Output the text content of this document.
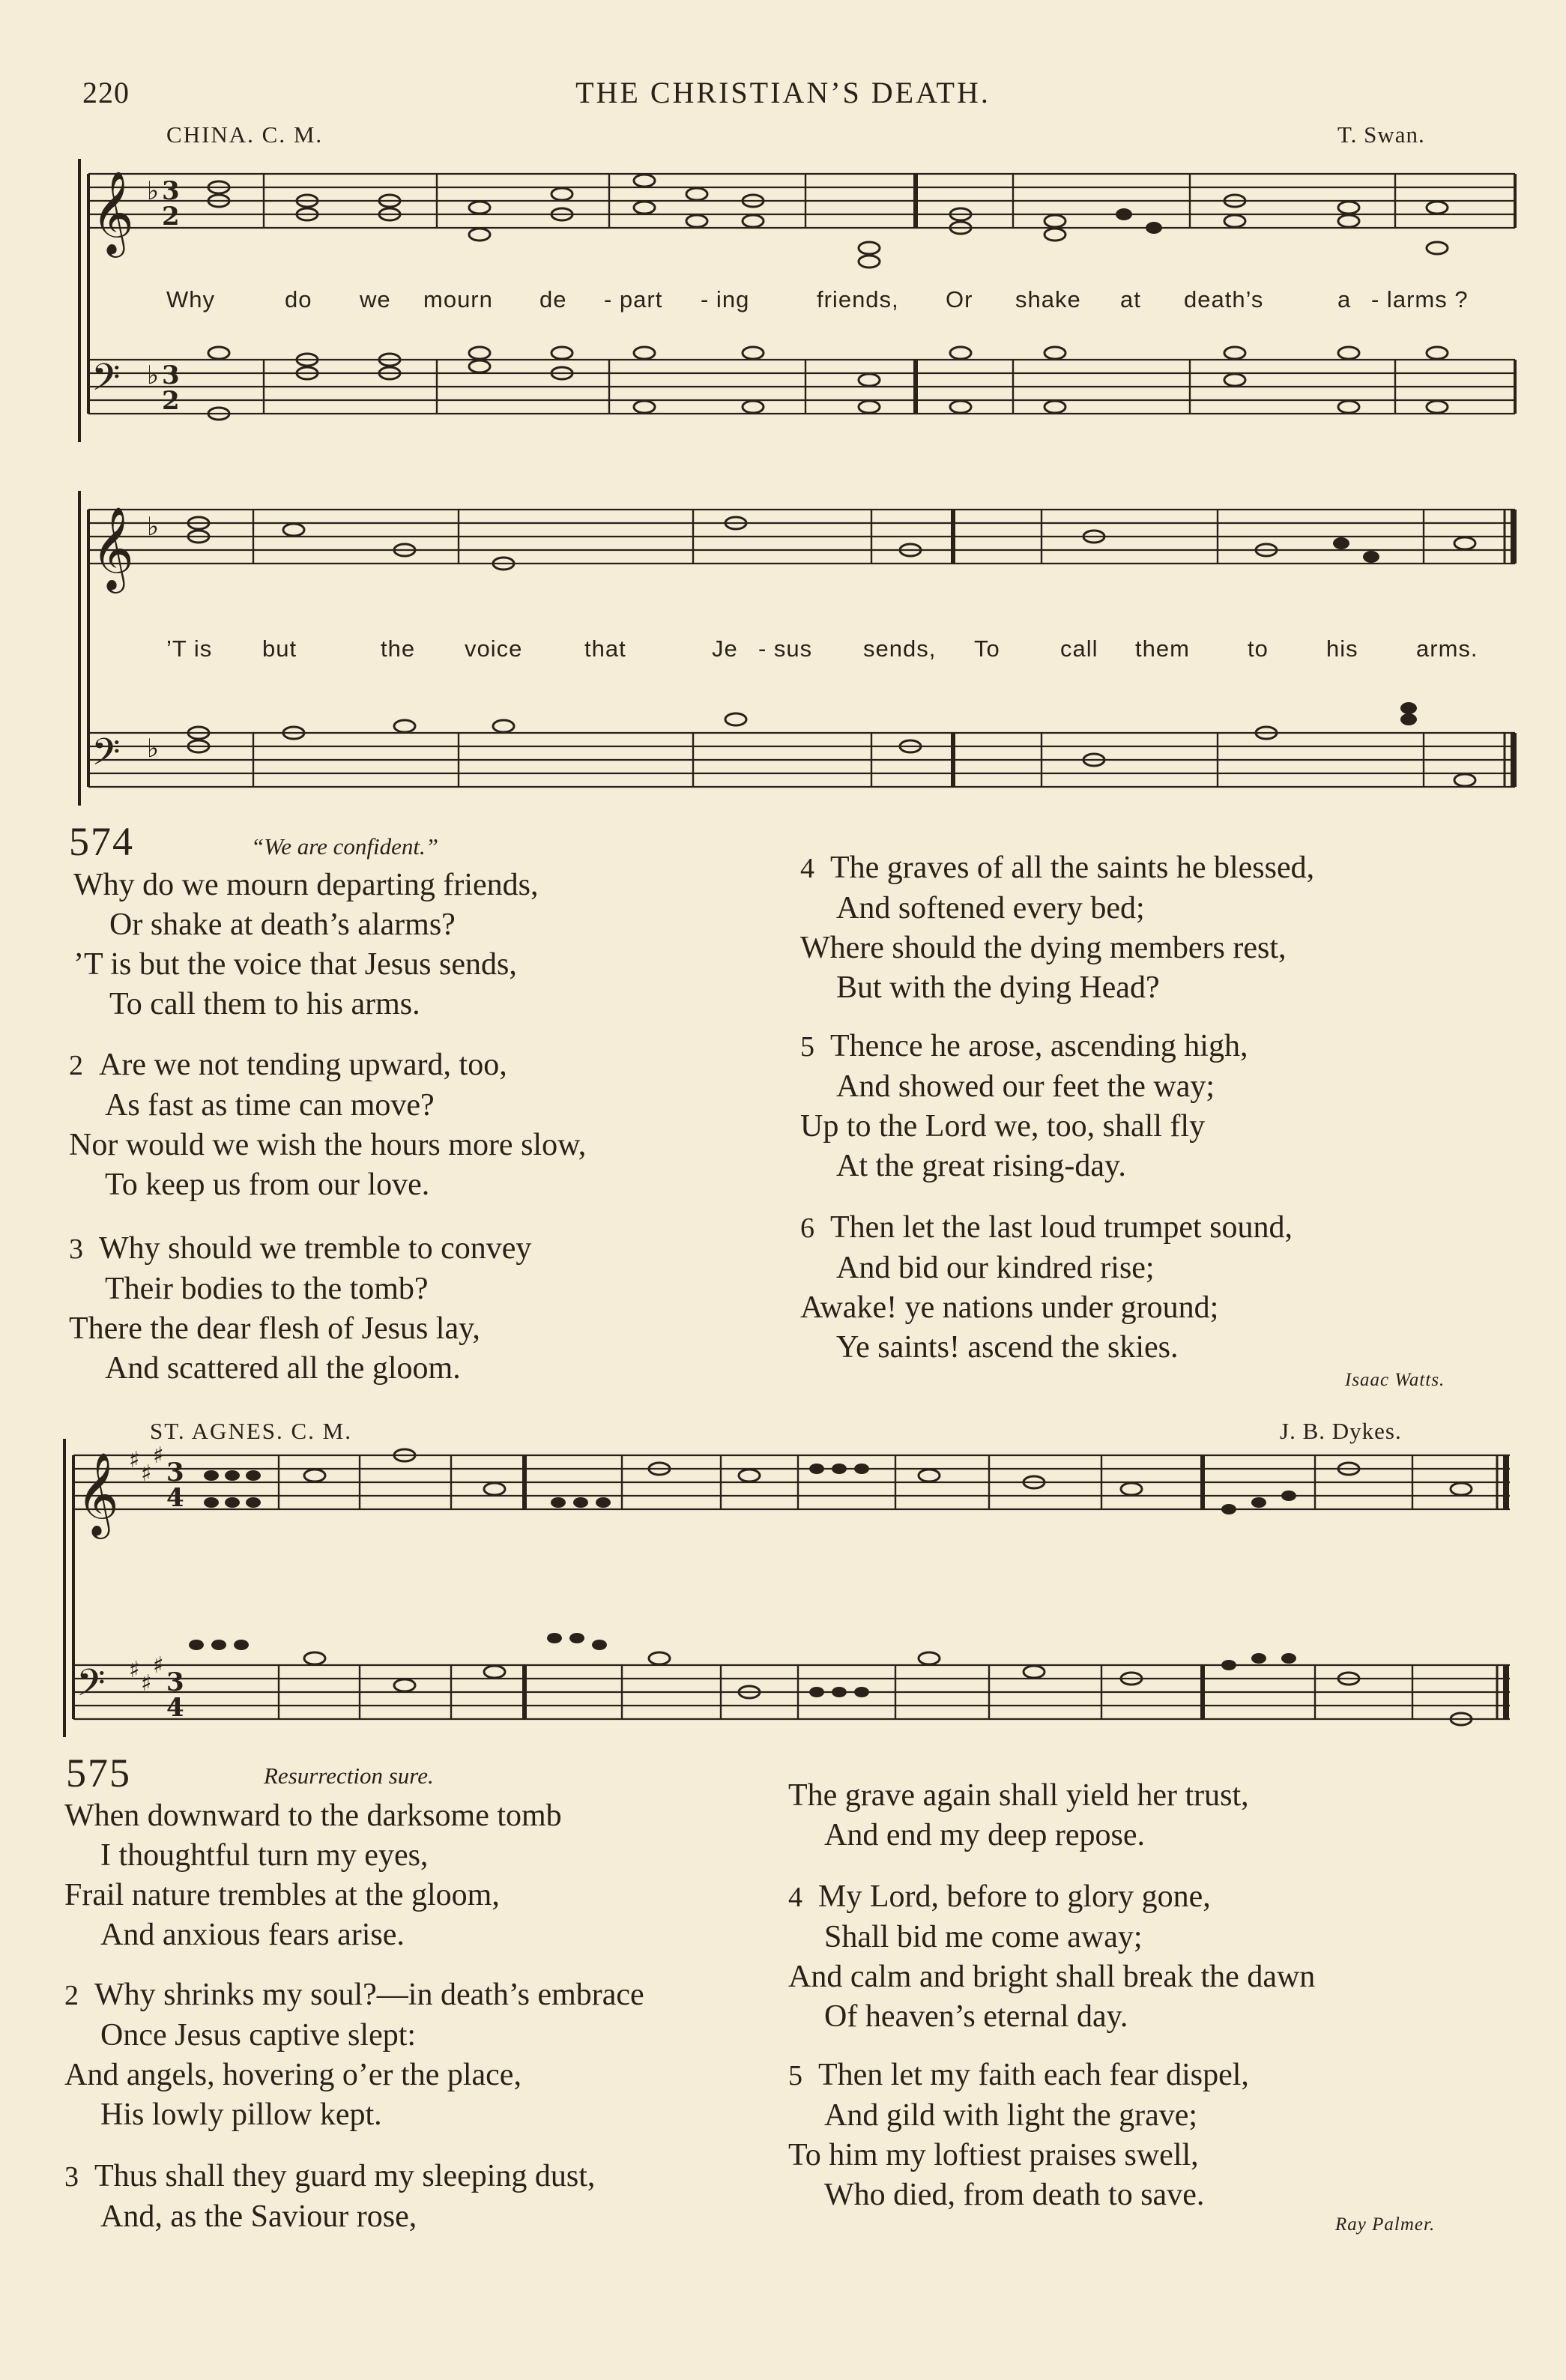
220	THE CHRISTIAN’S DEATH.
CHINA. C. M.	T. Swan.
𝄞
𝄢
𝄞
𝄢
𝄞
𝄢
♭
♭
♭
♭
♯
♯
♯
♯
♯
♯
3
2
3
2
3
4
3
4
Why	do we mourn de - part - ing	friends, Or shake at death’s	a - larms ?
’T is but	the voice	that	Je - sus sends, To	call them to his arms.
574	“We are confident.”
Why do we mourn departing friends,
Or shake at death’s alarms?
’T is but the voice that Jesus sends,
To call them to his arms.
2 Are we not tending upward, too,
As fast as time can move?
Nor would we wish the hours more slow,
To keep us from our love.
3 Why should we tremble to convey
Their bodies to the tomb?
There the dear flesh of Jesus lay,
And scattered all the gloom.
4 The graves of all the saints he blessed,
And softened every bed;
Where should the dying members rest,
But with the dying Head?
5 Thence he arose, ascending high,
And showed our feet the way;
Up to the Lord we, too, shall fly
At the great rising-day.
6 Then let the last loud trumpet sound,
And bid our kindred rise;
Awake! ye nations under ground;
Ye saints! ascend the skies.
Isaac Watts.
ST. AGNES. C. M.	J. B. Dykes.
575	Resurrection sure.
When downward to the darksome tomb
I thoughtful turn my eyes,
Frail nature trembles at the gloom,
And anxious fears arise.
2 Why shrinks my soul?—in death’s embrace
Once Jesus captive slept:
And angels, hovering o’er the place,
His lowly pillow kept.
3 Thus shall they guard my sleeping dust,
And, as the Saviour rose,
The grave again shall yield her trust,
And end my deep repose.
4 My Lord, before to glory gone,
Shall bid me come away;
And calm and bright shall break the dawn
Of heaven’s eternal day.
5 Then let my faith each fear dispel,
And gild with light the grave;
To him my loftiest praises swell,
Who died, from death to save.
Ray Palmer.
